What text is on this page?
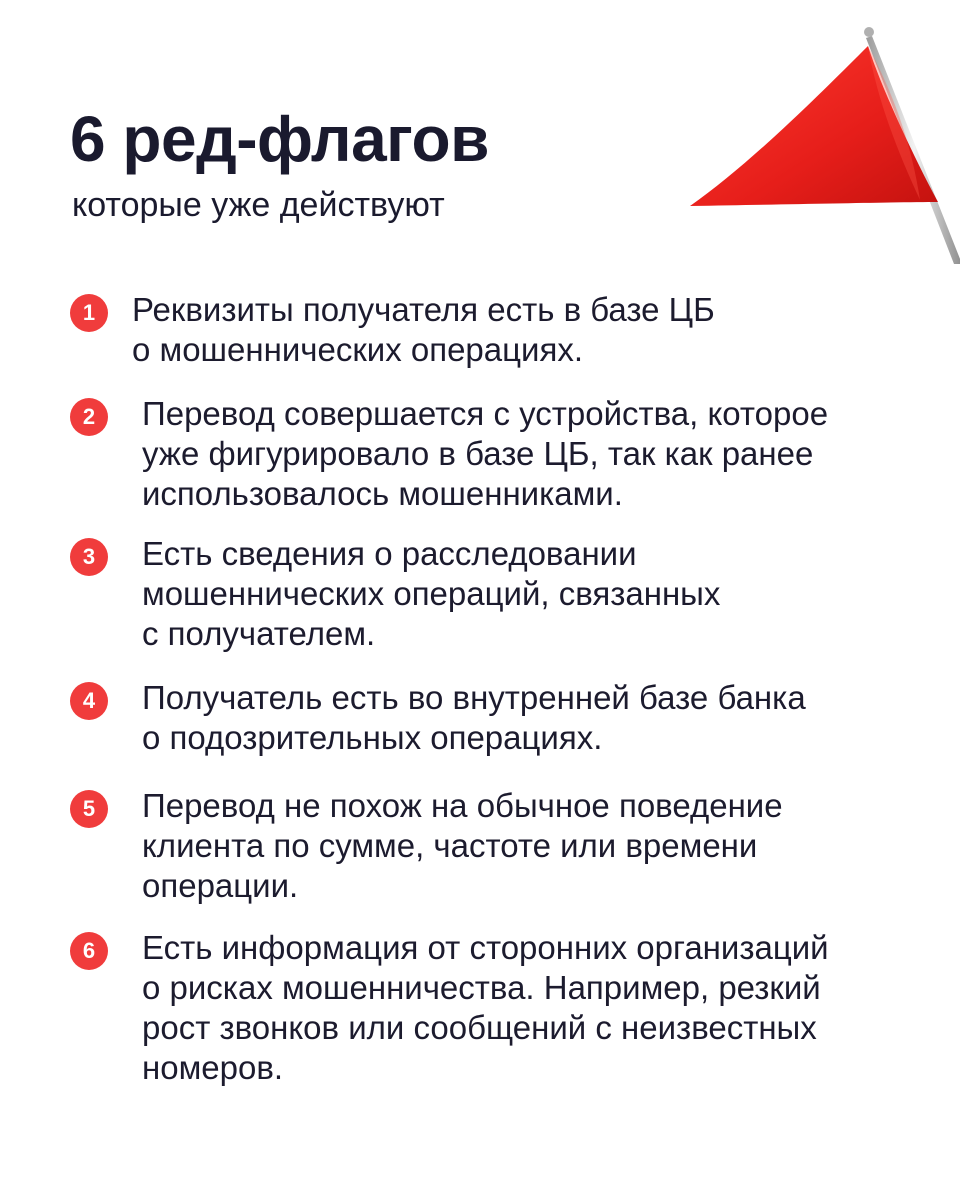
6 ред-флагов

которые уже действуют

1	Реквизиты получателя есть в базе ЦБ
о мошеннических операциях.
2	Перевод совершается с устройства, которое
уже фигурировало в базе ЦБ, так как ранее
использовалось мошенниками.
3	Есть сведения о расследовании
мошеннических операций, связанных
с получателем.
4	Получатель есть во внутренней базе банка
о подозрительных операциях.
5	Перевод не похож на обычное поведение
клиента по сумме, частоте или времени
операции.
6	Есть информация от сторонних организаций
о рисках мошенничества. Например, резкий
рост звонков или сообщений с неизвестных
номеров.
